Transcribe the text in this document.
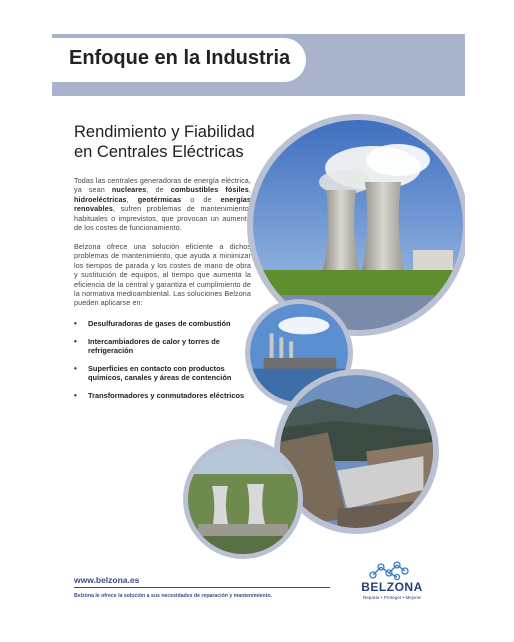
Enfoque en la Industria
Rendimiento y Fiabilidad
en Centrales Eléctricas
Todas las centrales generadoras de energía eléctrica, ya sean nucleares, de combustibles fósiles, hidroeléctricas, geotérmicas o de energías renovables, sufren problemas de mantenimiento, habituales o imprevistos, que provocan un aumento de los costes de funcionamiento.
Belzona ofrece una solución eficiente a dichos problemas de mantenimiento, que ayuda a minimizar los tiempos de parada y los costes de mano de obra y sustitución de equipos, al tiempo que aumenta la eficiencia de la central y garantiza el cumplimiento de la normativa medioambiental. Las soluciones Belzona pueden aplicarse en:
• Desulfuradoras de gases de combustión
• Intercambiadores de calor y torres de refrigeración
• Superficies en contacto con productos químicos, canales y áreas de contención
• Transformadores y conmutadores eléctricos
www.belzona.es
Belzona le ofrece la solución a sus necesidades de reparación y mantenimiento.
BELZONA
Reparar • Proteger • Mejorar
